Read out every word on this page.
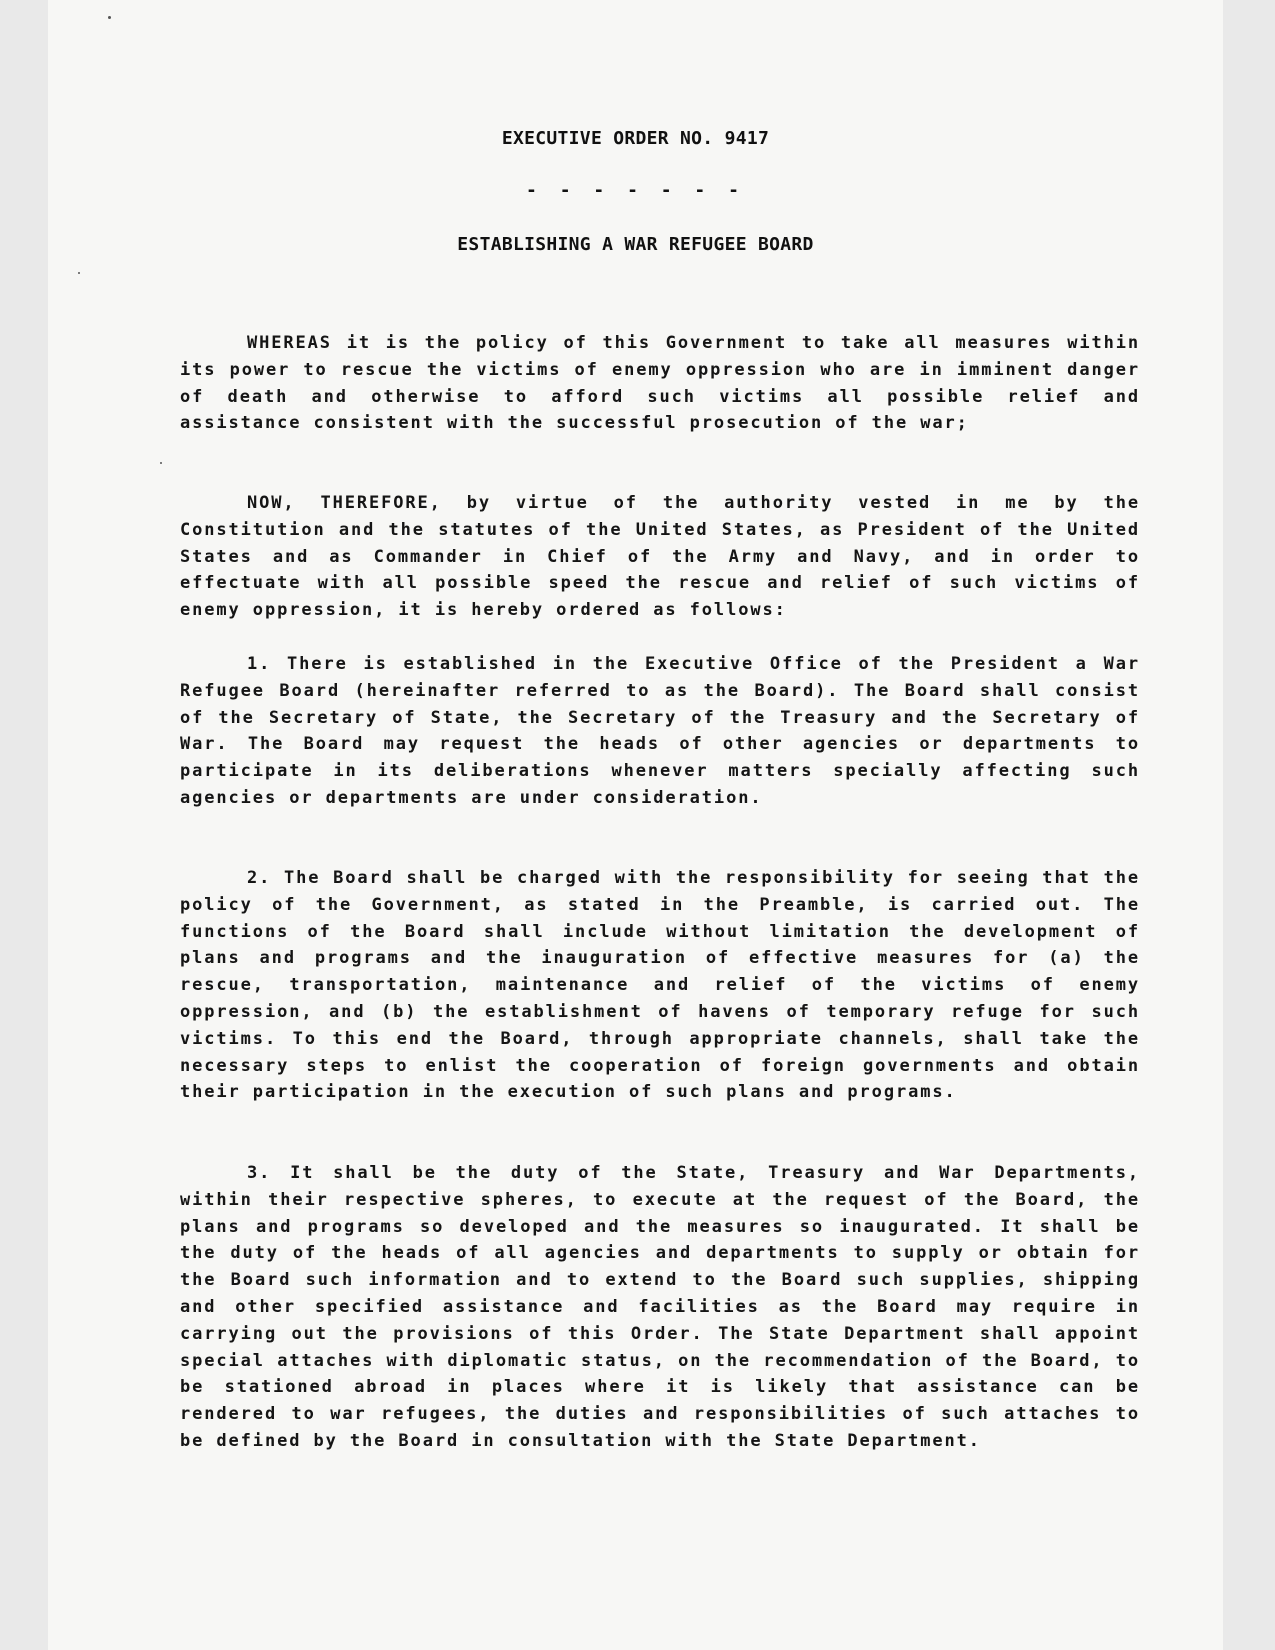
EXECUTIVE ORDER NO. 9417
- - - - - - -
ESTABLISHING A WAR REFUGEE BOARD

WHEREAS it is the policy of this Government to take all measures within its power to rescue the victims of enemy oppression who are in imminent danger of death and otherwise to afford such victims all possible relief and assistance consistent with the successful prosecution of the war;

NOW, THEREFORE, by virtue of the authority vested in me by the Constitution and the statutes of the United States, as President of the United States and as Commander in Chief of the Army and Navy, and in order to effectuate with all possible speed the rescue and relief of such victims of enemy oppression, it is hereby ordered as follows:

1. There is established in the Executive Office of the President a War Refugee Board (hereinafter referred to as the Board). The Board shall consist of the Secretary of State, the Secretary of the Treasury and the Secretary of War. The Board may request the heads of other agencies or departments to participate in its deliberations whenever matters specially affecting such agencies or departments are under consideration.

2. The Board shall be charged with the responsibility for seeing that the policy of the Government, as stated in the Preamble, is carried out. The functions of the Board shall include without limitation the development of plans and programs and the inauguration of effective measures for (a) the rescue, transportation, maintenance and relief of the victims of enemy oppression, and (b) the establishment of havens of temporary refuge for such victims. To this end the Board, through appropriate channels, shall take the necessary steps to enlist the cooperation of foreign governments and obtain their participation in the execution of such plans and programs.

3. It shall be the duty of the State, Treasury and War Departments, within their respective spheres, to execute at the request of the Board, the plans and programs so developed and the measures so inaugurated. It shall be the duty of the heads of all agencies and departments to supply or obtain for the Board such information and to extend to the Board such supplies, shipping and other specified assistance and facilities as the Board may require in carrying out the provisions of this Order. The State Department shall appoint special attaches with diplomatic status, on the recommendation of the Board, to be stationed abroad in places where it is likely that assistance can be rendered to war refugees, the duties and responsibilities of such attaches to be defined by the Board in consultation with the State Department.
